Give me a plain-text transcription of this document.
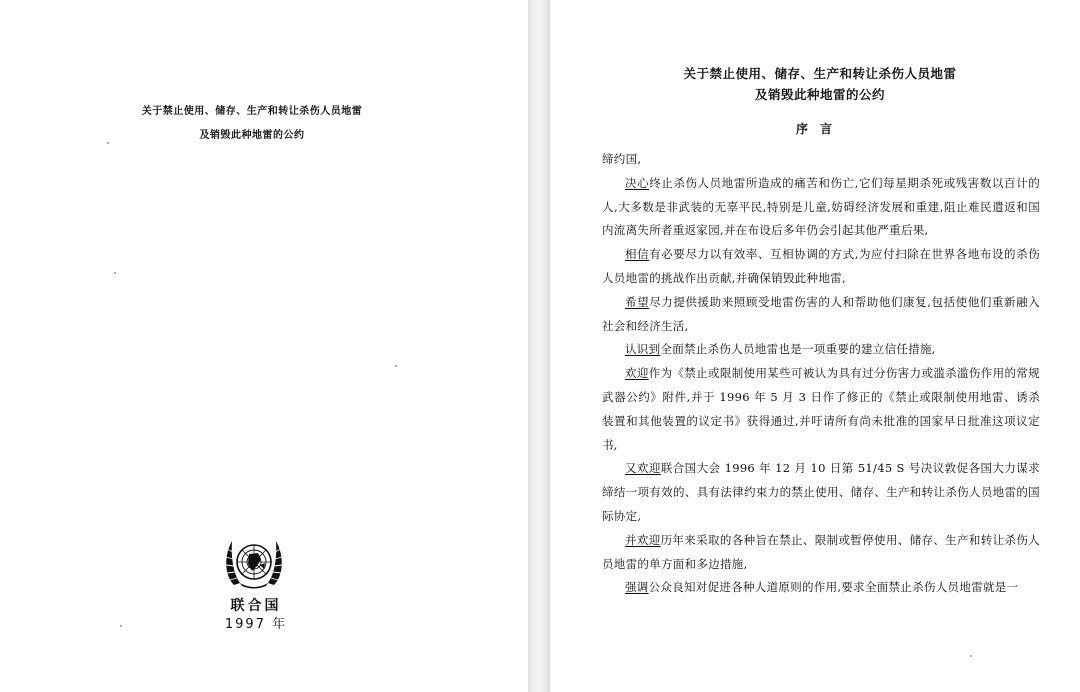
关于禁止使用、储存、生产和转让杀伤人员地雷

及销毁此种地雷的公约

联合国
1997 年

关于禁止使用、储存、生产和转让杀伤人员地雷

及销毁此种地雷的公约

序言

缔约国,

决心终止杀伤人员地雷所造成的痛苦和伤亡,它们每星期杀死或残害数以百计的人,大多数是非武装的无辜平民,特别是儿童,妨碍经济发展和重建,阻止难民遣返和国内流离失所者重返家园,并在布设后多年仍会引起其他严重后果,

相信有必要尽力以有效率、互相协调的方式,为应付扫除在世界各地布设的杀伤人员地雷的挑战作出贡献,并确保销毁此种地雷,

希望尽力提供援助来照顾受地雷伤害的人和帮助他们康复,包括使他们重新融入社会和经济生活,

认识到全面禁止杀伤人员地雷也是一项重要的建立信任措施,

欢迎作为《禁止或限制使用某些可被认为具有过分伤害力或滥杀滥伤作用的常规武器公约》附件,并于 1996 年 5 月 3 日作了修正的《禁止或限制使用地雷、诱杀装置和其他装置的议定书》获得通过,并吁请所有尚未批准的国家早日批准这项议定书,

又欢迎联合国大会 1996 年 12 月 10 日第 51/45 S 号决议敦促各国大力谋求缔结一项有效的、具有法律约束力的禁止使用、储存、生产和转让杀伤人员地雷的国际协定,

并欢迎历年来采取的各种旨在禁止、限制或暂停使用、储存、生产和转让杀伤人员地雷的单方面和多边措施,

强调公众良知对促进各种人道原则的作用,要求全面禁止杀伤人员地雷就是一
